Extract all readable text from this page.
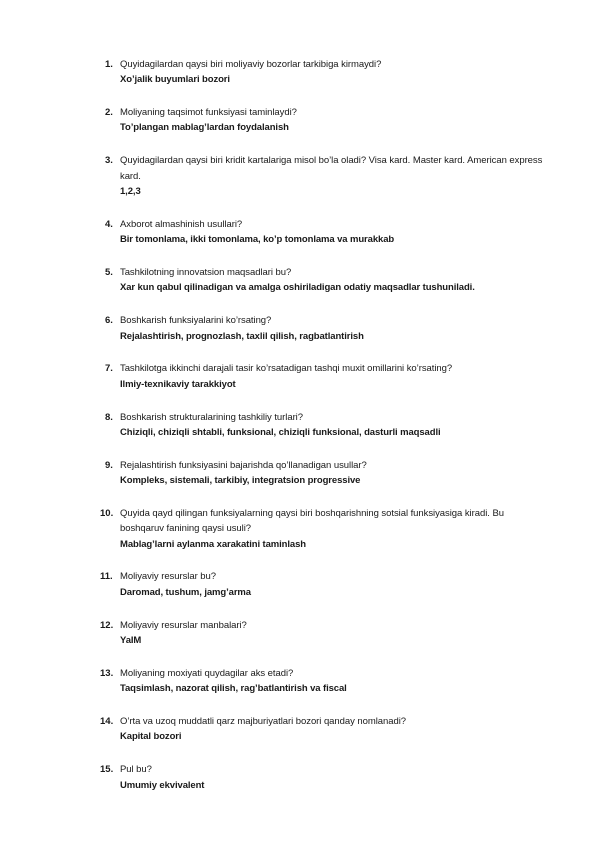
1. Quyidagilardan qaysi biri moliyaviy bozorlar tarkibiga kirmaydi?
Xo’jalik buyumlari bozori
2. Moliyaning taqsimot funksiyasi taminlaydi?
To’plangan mablag’lardan foydalanish
3. Quyidagilardan qaysi biri kridit kartalariga misol bo’la oladi? Visa kard. Master kard. American express kard.
1,2,3
4. Axborot almashinish usullari?
Bir tomonlama, ikki tomonlama, ko’p tomonlama va murakkab
5. Tashkilotning innovatsion maqsadlari bu?
Xar kun qabul qilinadigan va amalga oshiriladigan odatiy maqsadlar tushuniladi.
6. Boshkarish funksiyalarini ko’rsating?
Rejalashtirish, prognozlash, taxlil qilish, ragbatlantirish
7. Tashkilotga ikkinchi darajali tasir ko’rsatadigan tashqi muxit omillarini ko’rsating?
Ilmiy-texnikaviy tarakkiyot
8. Boshkarish strukturalarining tashkiliy turlari?
Chiziqli, chiziqli shtabli, funksional, chiziqli funksional, dasturli maqsadli
9. Rejalashtirish funksiyasini bajarishda qo’llanadigan usullar?
Kompleks, sistemali, tarkibiy, integratsion progressive
10. Quyida qayd qilingan funksiyalarning qaysi biri boshqarishning sotsial funksiyasiga kiradi. Bu boshqaruv fanining qaysi usuli?
Mablag’larni aylanma xarakatini taminlash
11. Moliyaviy resurslar bu?
Daromad, tushum, jamg’arma
12. Moliyaviy resurslar manbalari?
YaIM
13. Moliyaning moxiyati quydagilar aks etadi?
Taqsimlash, nazorat qilish, rag’batlantirish va fiscal
14. O’rta va uzoq muddatli qarz majburiyatlari bozori qanday nomlanadi?
Kapital bozori
15. Pul bu?
Umumiy ekvivalent
